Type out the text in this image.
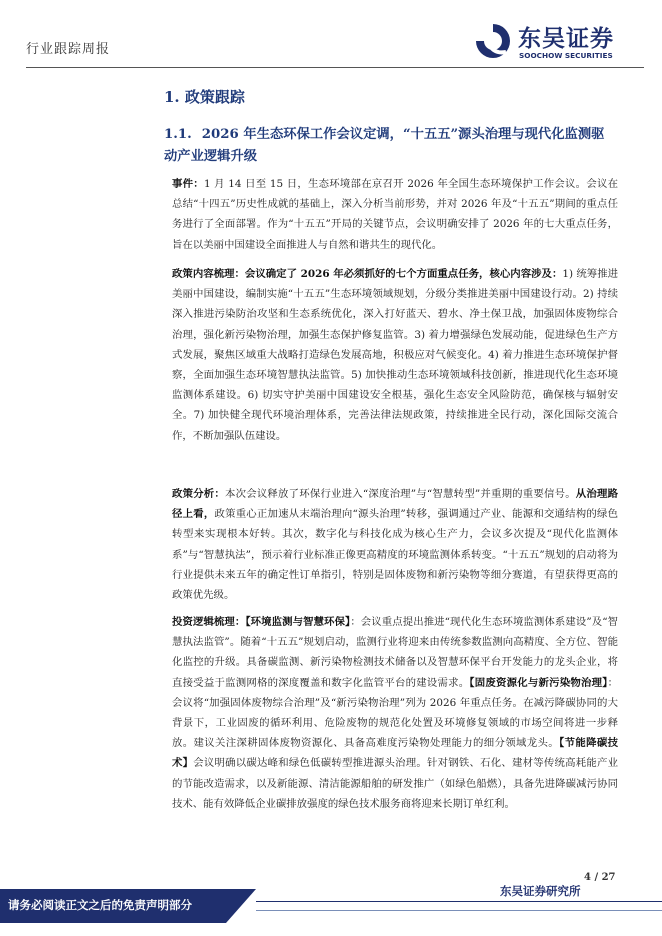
行业跟踪周报	东吴证券
SOOCHOW SECURITIES
1. 政策跟踪
1.1. 2026 年生态环保工作会议定调，“十五五”源头治理与现代化监测驱动产业逻辑升级
事件：1 月 14 日至 15 日，生态环境部在京召开 2026 年全国生态环境保护工作会议。会议在总结“十四五”历史性成就的基础上，深入分析当前形势，并对 2026 年及“十五五”期间的重点任务进行了全面部署。作为“十五五”开局的关键节点，会议明确安排了 2026 年的七大重点任务，旨在以美丽中国建设全面推进人与自然和谐共生的现代化。
政策内容梳理：会议确定了 2026 年必须抓好的七个方面重点任务，核心内容涉及：1) 统筹推进美丽中国建设，编制实施“十五五”生态环境领域规划，分级分类推进美丽中国建设行动。2) 持续深入推进污染防治攻坚和生态系统优化，深入打好蓝天、碧水、净土保卫战，加强固体废物综合治理，强化新污染物治理，加强生态保护修复监管。3) 着力增强绿色发展动能，促进绿色生产方式发展，聚焦区域重大战略打造绿色发展高地，积极应对气候变化。4) 着力推进生态环境保护督察，全面加强生态环境智慧执法监管。5) 加快推动生态环境领域科技创新，推进现代化生态环境监测体系建设。6) 切实守护美丽中国建设安全根基，强化生态安全风险防范，确保核与辐射安全。7) 加快健全现代环境治理体系，完善法律法规政策，持续推进全民行动，深化国际交流合作，不断加强队伍建设。
政策分析：本次会议释放了环保行业进入“深度治理”与“智慧转型”并重期的重要信号。从治理路径上看，政策重心正加速从末端治理向“源头治理”转移，强调通过产业、能源和交通结构的绿色转型来实现根本好转。其次，数字化与科技化成为核心生产力，会议多次提及“现代化监测体系”与“智慧执法”，预示着行业标准正像更高精度的环境监测体系转变。“十五五”规划的启动将为行业提供未来五年的确定性订单指引，特别是固体废物和新污染物等细分赛道，有望获得更高的政策优先级。
投资逻辑梳理：【环境监测与智慧环保】：会议重点提出推进“现代化生态环境监测体系建设”及“智慧执法监管”。随着“十五五”规划启动，监测行业将迎来由传统参数监测向高精度、全方位、智能化监控的升级。具备碳监测、新污染物检测技术储备以及智慧环保平台开发能力的龙头企业，将直接受益于监测网格的深度覆盖和数字化监管平台的建设需求。【固废资源化与新污染物治理】：会议将“加强固体废物综合治理”及“新污染物治理”列为 2026 年重点任务。在减污降碳协同的大背景下，工业固废的循环利用、危险废物的规范化处置及环境修复领域的市场空间将进一步释放。建议关注深耕固体废物资源化、具备高难度污染物处理能力的细分领域龙头。【节能降碳技术】会议明确以碳达峰和绿色低碳转型推进源头治理。针对钢铁、石化、建材等传统高耗能产业的节能改造需求，以及新能源、清洁能源船舶的研发推广（如绿色船燃），具备先进降碳减污协同技术、能有效降低企业碳排放强度的绿色技术服务商将迎来长期订单红利。
4 / 27
请务必阅读正文之后的免责声明部分
东吴证券研究所
